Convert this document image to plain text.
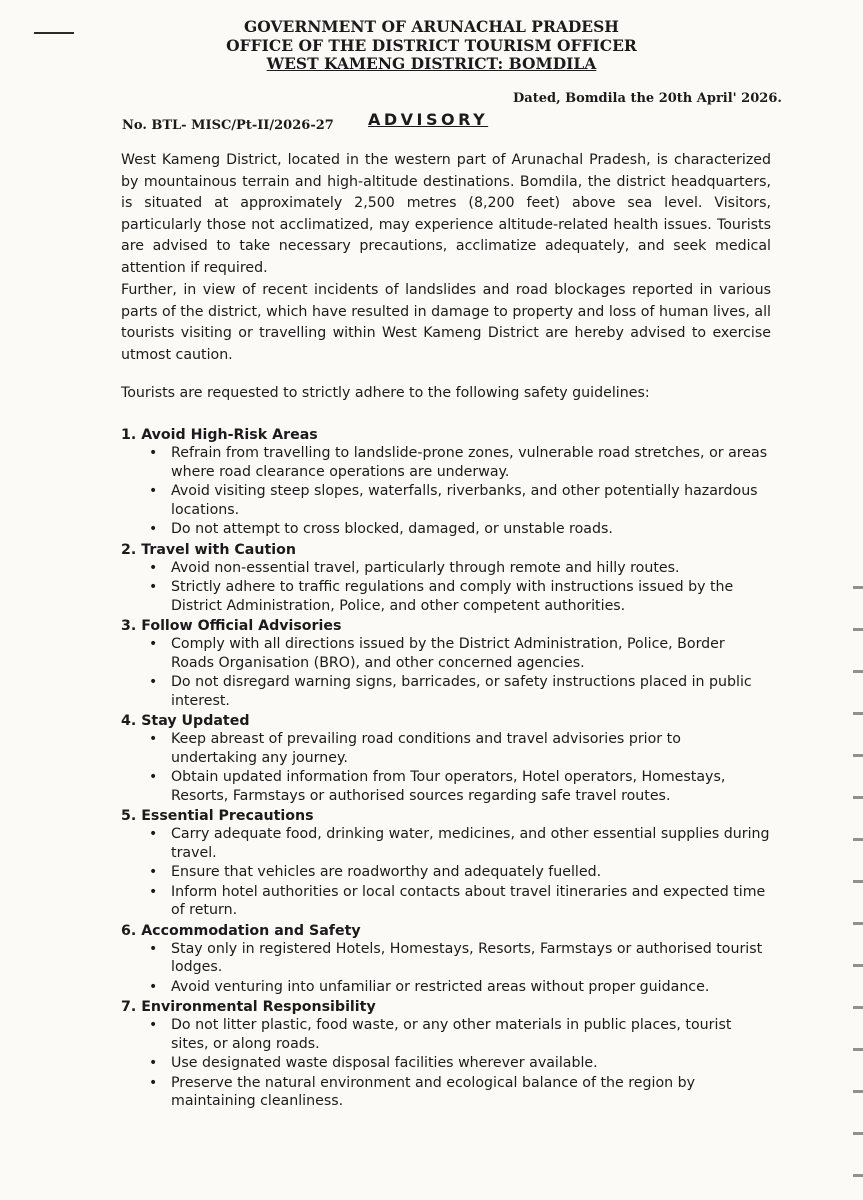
GOVERNMENT OF ARUNACHAL PRADESH
OFFICE OF THE DISTRICT TOURISM OFFICER
WEST KAMENG DISTRICT: BOMDILA
No. BTL- MISC/Pt-II/2026-27
Dated, Bomdila the 20th April' 2026.
ADVISORY

West Kameng District, located in the western part of Arunachal Pradesh, is characterized by mountainous terrain and high-altitude destinations. Bomdila, the district headquarters, is situated at approximately 2,500 metres (8,200 feet) above sea level. Visitors, particularly those not acclimatized, may experience altitude-related health issues. Tourists are advised to take necessary precautions, acclimatize adequately, and seek medical attention if required.

Further, in view of recent incidents of landslides and road blockages reported in various parts of the district, which have resulted in damage to property and loss of human lives, all tourists visiting or travelling within West Kameng District are hereby advised to exercise utmost caution.

Tourists are requested to strictly adhere to the following safety guidelines:

1. Avoid High-Risk Areas
• Refrain from travelling to landslide-prone zones, vulnerable road stretches, or areas where road clearance operations are underway.
• Avoid visiting steep slopes, waterfalls, riverbanks, and other potentially hazardous locations.
• Do not attempt to cross blocked, damaged, or unstable roads.
2. Travel with Caution
• Avoid non-essential travel, particularly through remote and hilly routes.
• Strictly adhere to traffic regulations and comply with instructions issued by the District Administration, Police, and other competent authorities.
3. Follow Official Advisories
• Comply with all directions issued by the District Administration, Police, Border Roads Organisation (BRO), and other concerned agencies.
• Do not disregard warning signs, barricades, or safety instructions placed in public interest.
4. Stay Updated
• Keep abreast of prevailing road conditions and travel advisories prior to undertaking any journey.
• Obtain updated information from Tour operators, Hotel operators, Homestays, Resorts, Farmstays or authorised sources regarding safe travel routes.
5. Essential Precautions
• Carry adequate food, drinking water, medicines, and other essential supplies during travel.
• Ensure that vehicles are roadworthy and adequately fuelled.
• Inform hotel authorities or local contacts about travel itineraries and expected time of return.
6. Accommodation and Safety
• Stay only in registered Hotels, Homestays, Resorts, Farmstays or authorised tourist lodges.
• Avoid venturing into unfamiliar or restricted areas without proper guidance.
7. Environmental Responsibility
• Do not litter plastic, food waste, or any other materials in public places, tourist sites, or along roads.
• Use designated waste disposal facilities wherever available.
• Preserve the natural environment and ecological balance of the region by maintaining cleanliness.
